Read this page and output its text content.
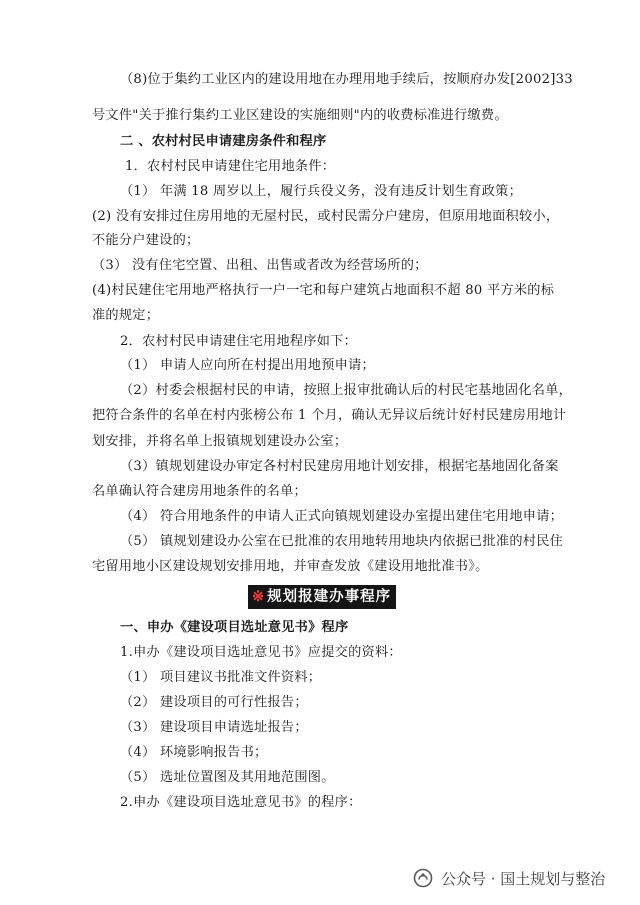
（8)位于集约工业区内的建设用地在办理用地手续后，按顺府办发[2002]33
号文件"关于推行集约工业区建设的实施细则"内的收费标准进行缴费。
二 、农村村民申请建房条件和程序
1．农村村民申请建住宅用地条件：
（1） 年满 18 周岁以上，履行兵役义务，没有违反计划生育政策；
(2) 没有安排过住房用地的无屋村民，或村民需分户建房，但原用地面积较小，
不能分户建设的；
（3） 没有住宅空置、出租、出售或者改为经营场所的；
(4)村民建住宅用地严格执行一户一宅和每户建筑占地面积不超 80 平方米的标
准的规定；
2．农村村民申请建住宅用地程序如下：
（1） 申请人应向所在村提出用地预申请；
（2）村委会根据村民的申请，按照上报审批确认后的村民宅基地固化名单，
把符合条件的名单在村内张榜公布 1 个月，确认无异议后统计好村民建房用地计
划安排，并将名单上报镇规划建设办公室；
（3）镇规划建设办审定各村村民建房用地计划安排，根据宅基地固化备案
名单确认符合建房用地条件的名单；
（4） 符合用地条件的申请人正式向镇规划建设办室提出建住宅用地申请；
（5） 镇规划建设办公室在已批准的农用地转用地块内依据已批准的村民住
宅留用地小区建设规划安排用地，并审查发放《建设用地批准书》。
※ 规划报建办事程序
一、申办《建设项目选址意见书》程序
1.申办《建设项目选址意见书》应提交的资料：
（1） 项目建议书批准文件资料；
（2） 建设项目的可行性报告；
（3） 建设项目申请选址报告；
（4） 环境影响报告书；
（5） 选址位置图及其用地范围图。
2.申办《建设项目选址意见书》的程序：
公众号 · 国土规划与整治
